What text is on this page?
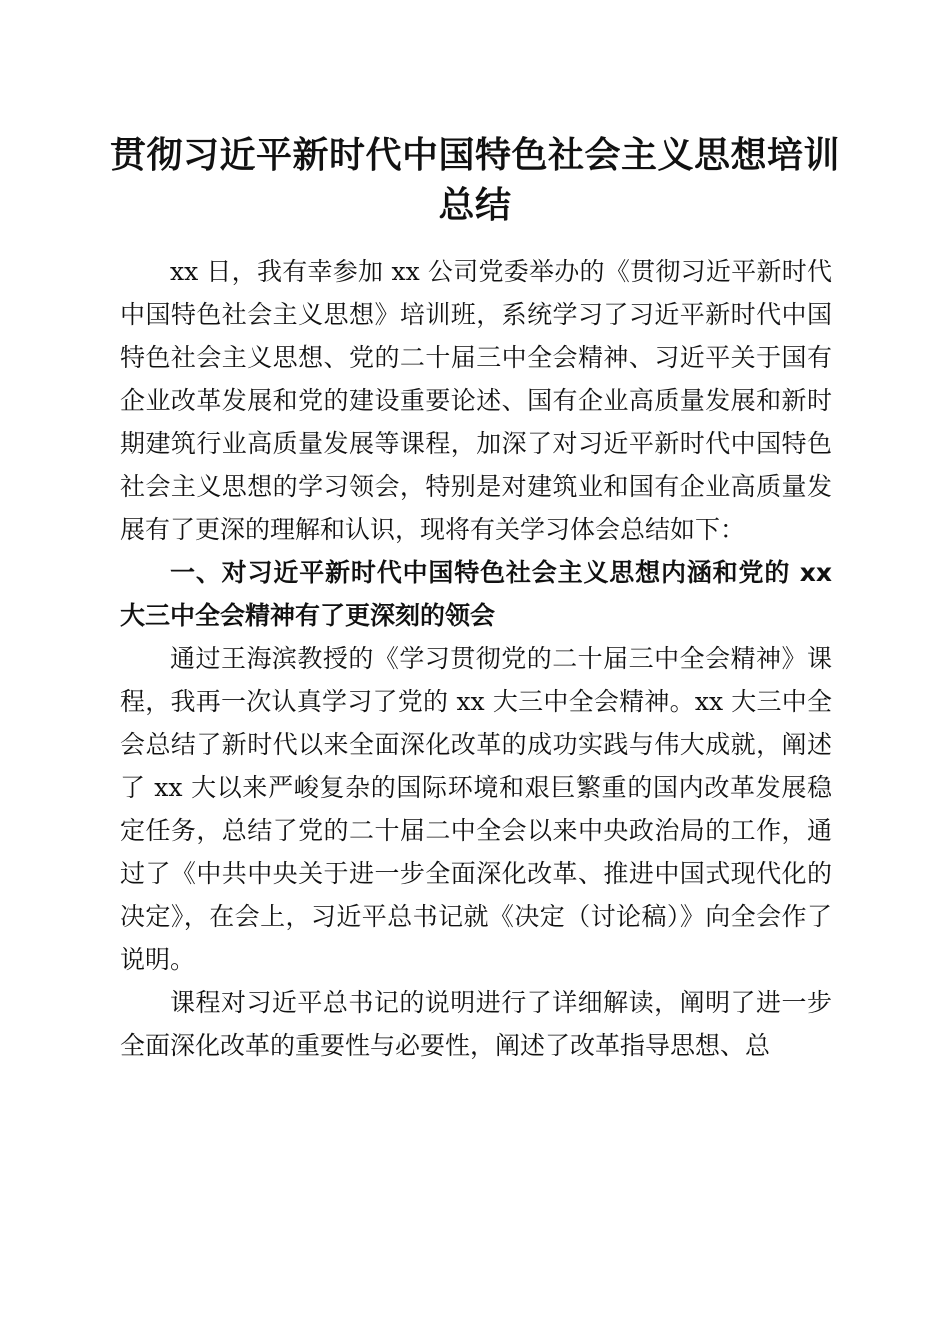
贯彻习近平新时代中国特色社会主义思想培训
总结

xx 日，我有幸参加 xx 公司党委举办的《贯彻习近平新时代中国特色社会主义思想》培训班，系统学习了习近平新时代中国特色社会主义思想、党的二十届三中全会精神、习近平关于国有企业改革发展和党的建设重要论述、国有企业高质量发展和新时期建筑行业高质量发展等课程，加深了对习近平新时代中国特色社会主义思想的学习领会，特别是对建筑业和国有企业高质量发展有了更深的理解和认识，现将有关学习体会总结如下：

一、对习近平新时代中国特色社会主义思想内涵和党的 xx 大三中全会精神有了更深刻的领会

通过王海滨教授的《学习贯彻党的二十届三中全会精神》课程，我再一次认真学习了党的 xx 大三中全会精神。xx 大三中全会总结了新时代以来全面深化改革的成功实践与伟大成就，阐述了 xx 大以来严峻复杂的国际环境和艰巨繁重的国内改革发展稳定任务，总结了党的二十届二中全会以来中央政治局的工作，通过了《中共中央关于进一步全面深化改革、推进中国式现代化的决定》，在会上，习近平总书记就《决定（讨论稿）》向全会作了说明。

课程对习近平总书记的说明进行了详细解读，阐明了进一步全面深化改革的重要性与必要性，阐述了改革指导思想、总
